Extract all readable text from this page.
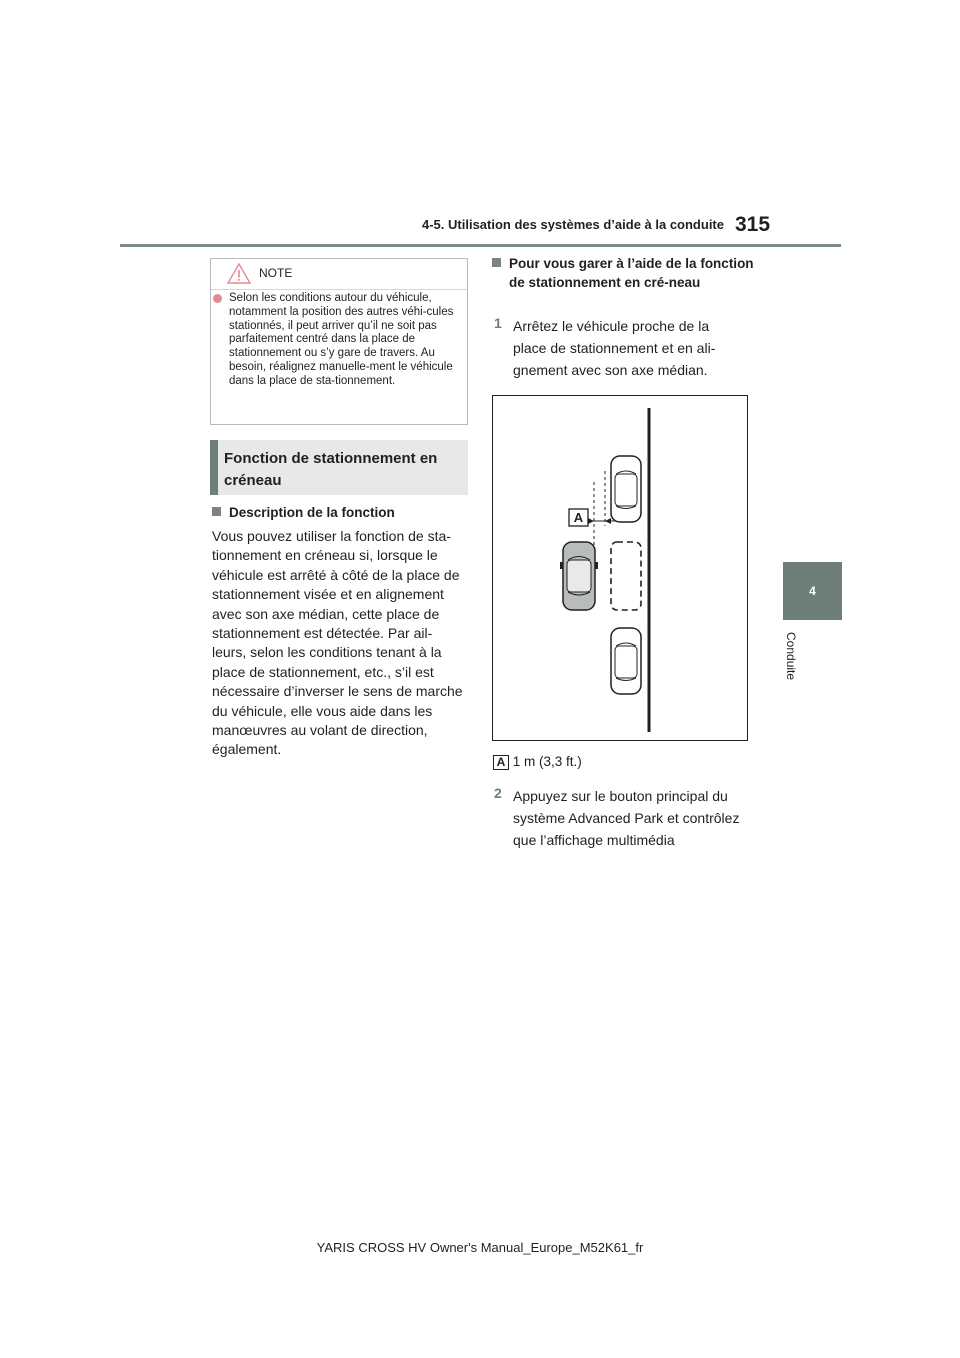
4-5. Utilisation des systèmes d’aide à la conduite 315
4
Conduite
NOTE
Selon les conditions autour du véhicule, notamment la position des autres véhi-cules stationnés, il peut arriver qu’il ne soit pas parfaitement centré dans la place de stationnement ou s’y gare de travers. Au besoin, réalignez manuelle-ment le véhicule dans la place de sta-tionnement.
Fonction de stationnement en créneau
Description de la fonction
Vous pouvez utiliser la fonction de sta-tionnement en créneau si, lorsque le véhicule est arrêté à côté de la place de stationnement visée et en alignement avec son axe médian, cette place de stationnement est détectée. Par ail-leurs, selon les conditions tenant à la place de stationnement, etc., s’il est nécessaire d’inverser le sens de marche du véhicule, elle vous aide dans les manœuvres au volant de direction, également.
Pour vous garer à l’aide de la fonction de stationnement en cré-neau
1 Arrêtez le véhicule proche de la place de stationnement et en ali-gnement avec son axe médian.
A
A 1 m (3,3 ft.)
2 Appuyez sur le bouton principal du système Advanced Park et contrôlez que l’affichage multimédia
YARIS CROSS HV Owner's Manual_Europe_M52K61_fr
